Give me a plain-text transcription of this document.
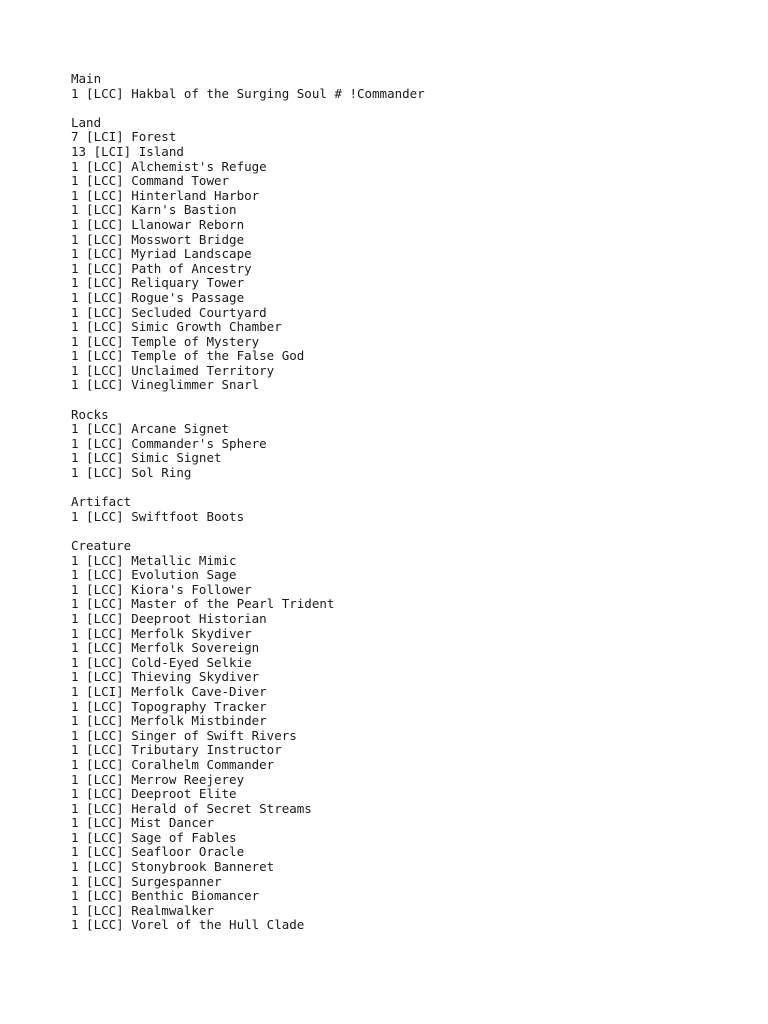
Main
1 [LCC] Hakbal of the Surging Soul # !Commander
Land
7 [LCI] Forest
13 [LCI] Island
1 [LCC] Alchemist's Refuge
1 [LCC] Command Tower
1 [LCC] Hinterland Harbor
1 [LCC] Karn's Bastion
1 [LCC] Llanowar Reborn
1 [LCC] Mosswort Bridge
1 [LCC] Myriad Landscape
1 [LCC] Path of Ancestry
1 [LCC] Reliquary Tower
1 [LCC] Rogue's Passage
1 [LCC] Secluded Courtyard
1 [LCC] Simic Growth Chamber
1 [LCC] Temple of Mystery
1 [LCC] Temple of the False God
1 [LCC] Unclaimed Territory
1 [LCC] Vineglimmer Snarl
Rocks
1 [LCC] Arcane Signet
1 [LCC] Commander's Sphere
1 [LCC] Simic Signet
1 [LCC] Sol Ring
Artifact
1 [LCC] Swiftfoot Boots
Creature
1 [LCC] Metallic Mimic
1 [LCC] Evolution Sage
1 [LCC] Kiora's Follower
1 [LCC] Master of the Pearl Trident
1 [LCC] Deeproot Historian
1 [LCC] Merfolk Skydiver
1 [LCC] Merfolk Sovereign
1 [LCC] Cold-Eyed Selkie
1 [LCC] Thieving Skydiver
1 [LCI] Merfolk Cave-Diver
1 [LCC] Topography Tracker
1 [LCC] Merfolk Mistbinder
1 [LCC] Singer of Swift Rivers
1 [LCC] Tributary Instructor
1 [LCC] Coralhelm Commander
1 [LCC] Merrow Reejerey
1 [LCC] Deeproot Elite
1 [LCC] Herald of Secret Streams
1 [LCC] Mist Dancer
1 [LCC] Sage of Fables
1 [LCC] Seafloor Oracle
1 [LCC] Stonybrook Banneret
1 [LCC] Surgespanner
1 [LCC] Benthic Biomancer
1 [LCC] Realmwalker
1 [LCC] Vorel of the Hull Clade
